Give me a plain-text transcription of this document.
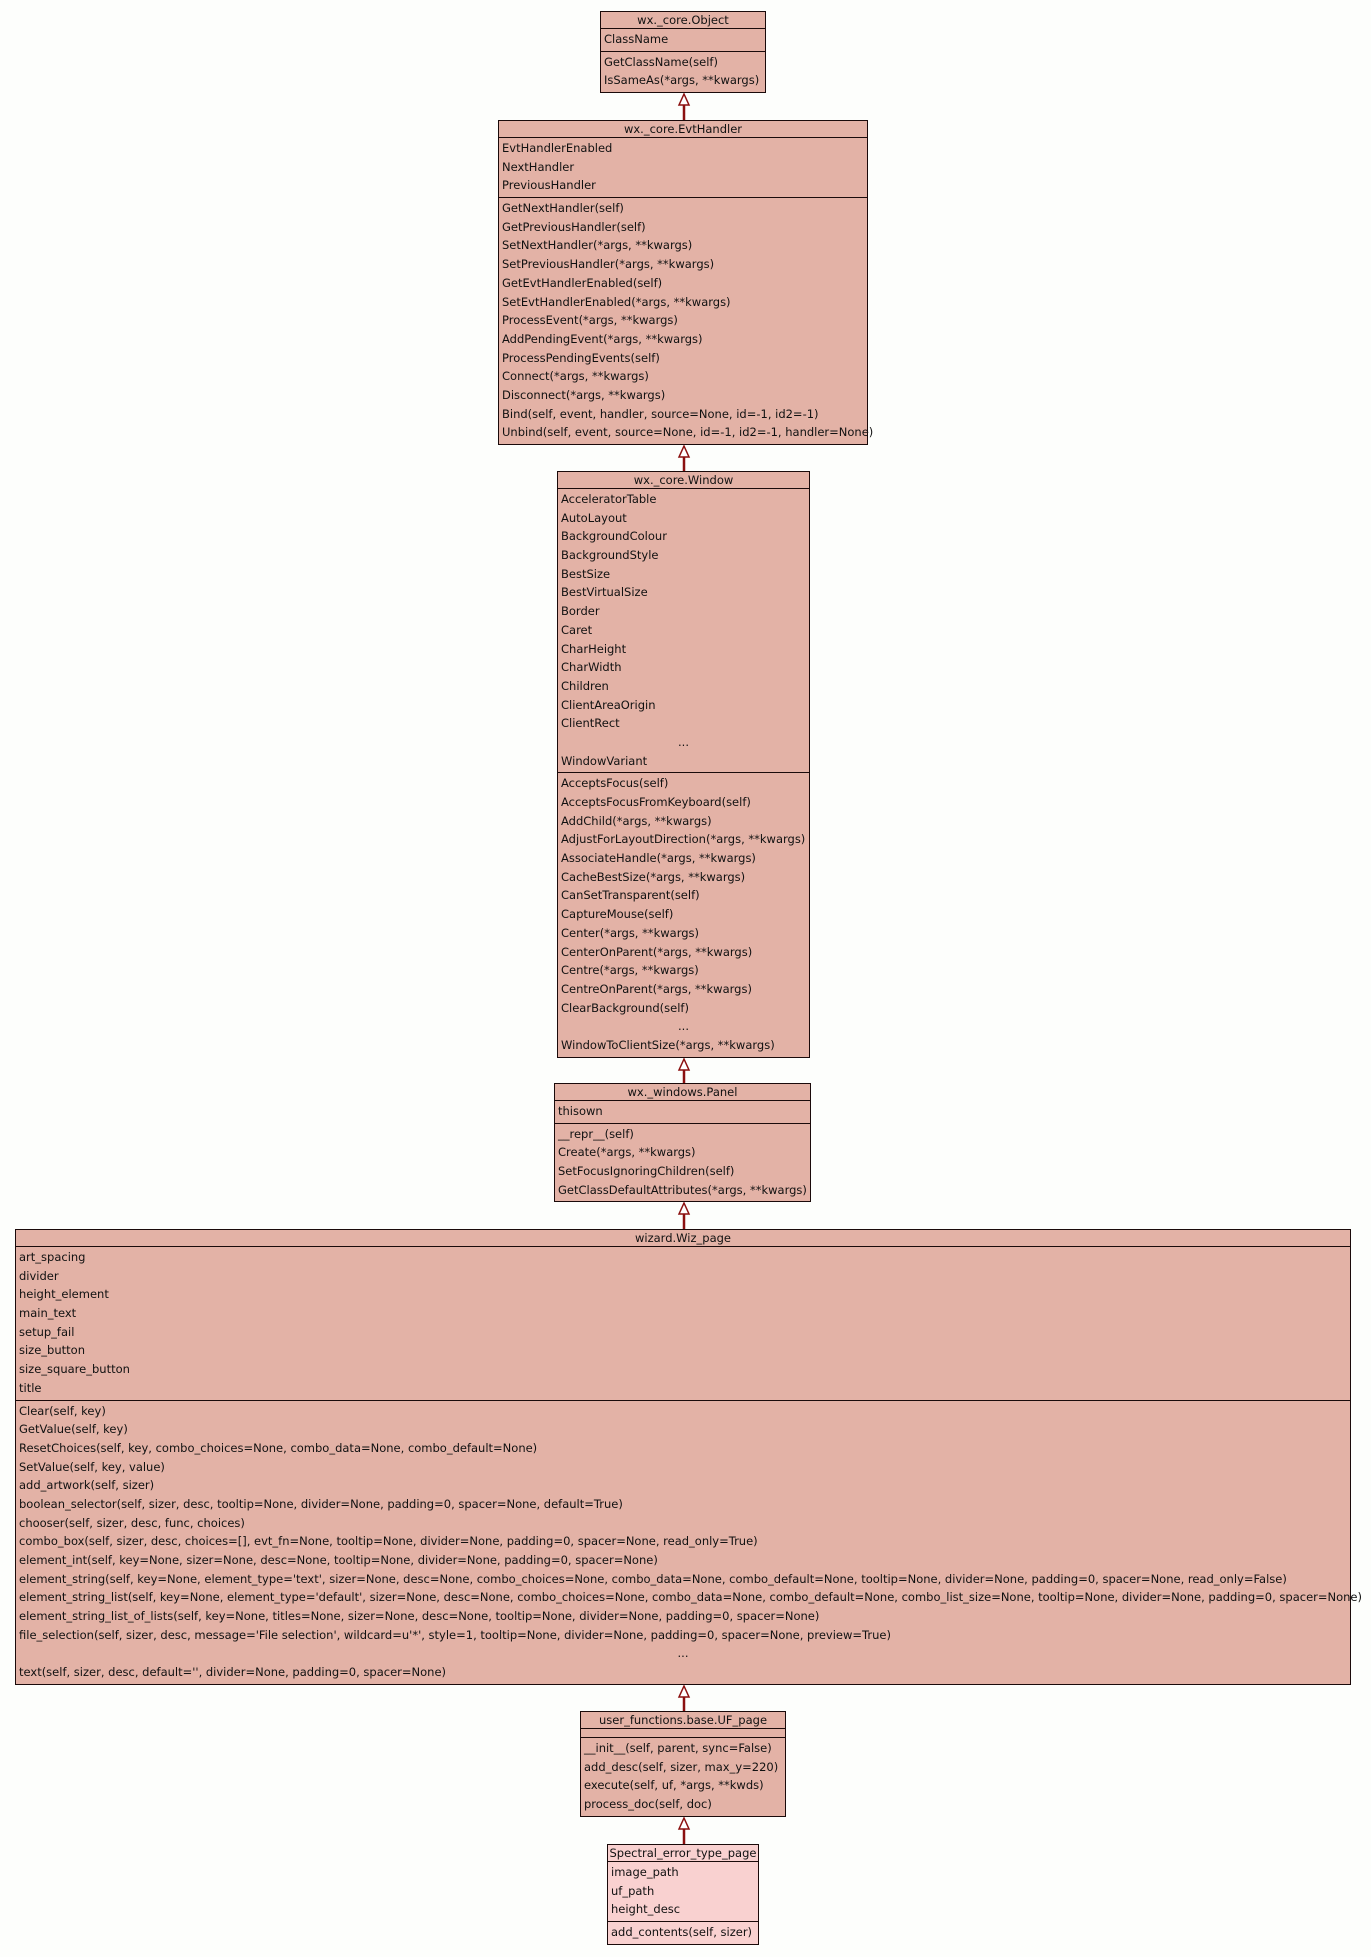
wx._core.Object
ClassName
GetClassName(self)
IsSameAs(*args, **kwargs)
wx._core.EvtHandler
EvtHandlerEnabled
NextHandler
PreviousHandler
GetNextHandler(self)
GetPreviousHandler(self)
SetNextHandler(*args, **kwargs)
SetPreviousHandler(*args, **kwargs)
GetEvtHandlerEnabled(self)
SetEvtHandlerEnabled(*args, **kwargs)
ProcessEvent(*args, **kwargs)
AddPendingEvent(*args, **kwargs)
ProcessPendingEvents(self)
Connect(*args, **kwargs)
Disconnect(*args, **kwargs)
Bind(self, event, handler, source=None, id=-1, id2=-1)
Unbind(self, event, source=None, id=-1, id2=-1, handler=None)
wx._core.Window
AcceleratorTable
AutoLayout
BackgroundColour
BackgroundStyle
BestSize
BestVirtualSize
Border
Caret
CharHeight
CharWidth
Children
ClientAreaOrigin
ClientRect
...
WindowVariant
AcceptsFocus(self)
AcceptsFocusFromKeyboard(self)
AddChild(*args, **kwargs)
AdjustForLayoutDirection(*args, **kwargs)
AssociateHandle(*args, **kwargs)
CacheBestSize(*args, **kwargs)
CanSetTransparent(self)
CaptureMouse(self)
Center(*args, **kwargs)
CenterOnParent(*args, **kwargs)
Centre(*args, **kwargs)
CentreOnParent(*args, **kwargs)
ClearBackground(self)
...
WindowToClientSize(*args, **kwargs)
wx._windows.Panel
thisown
__repr__(self)
Create(*args, **kwargs)
SetFocusIgnoringChildren(self)
GetClassDefaultAttributes(*args, **kwargs)
wizard.Wiz_page
art_spacing
divider
height_element
main_text
setup_fail
size_button
size_square_button
title
Clear(self, key)
GetValue(self, key)
ResetChoices(self, key, combo_choices=None, combo_data=None, combo_default=None)
SetValue(self, key, value)
add_artwork(self, sizer)
boolean_selector(self, sizer, desc, tooltip=None, divider=None, padding=0, spacer=None, default=True)
chooser(self, sizer, desc, func, choices)
combo_box(self, sizer, desc, choices=[], evt_fn=None, tooltip=None, divider=None, padding=0, spacer=None, read_only=True)
element_int(self, key=None, sizer=None, desc=None, tooltip=None, divider=None, padding=0, spacer=None)
element_string(self, key=None, element_type='text', sizer=None, desc=None, combo_choices=None, combo_data=None, combo_default=None, tooltip=None, divider=None, padding=0, spacer=None, read_only=False)
element_string_list(self, key=None, element_type='default', sizer=None, desc=None, combo_choices=None, combo_data=None, combo_default=None, combo_list_size=None, tooltip=None, divider=None, padding=0, spacer=None)
element_string_list_of_lists(self, key=None, titles=None, sizer=None, desc=None, tooltip=None, divider=None, padding=0, spacer=None)
file_selection(self, sizer, desc, message='File selection', wildcard=u'*', style=1, tooltip=None, divider=None, padding=0, spacer=None, preview=True)
...
text(self, sizer, desc, default='', divider=None, padding=0, spacer=None)
user_functions.base.UF_page
__init__(self, parent, sync=False)
add_desc(self, sizer, max_y=220)
execute(self, uf, *args, **kwds)
process_doc(self, doc)
Spectral_error_type_page
image_path
uf_path
height_desc
add_contents(self, sizer)
